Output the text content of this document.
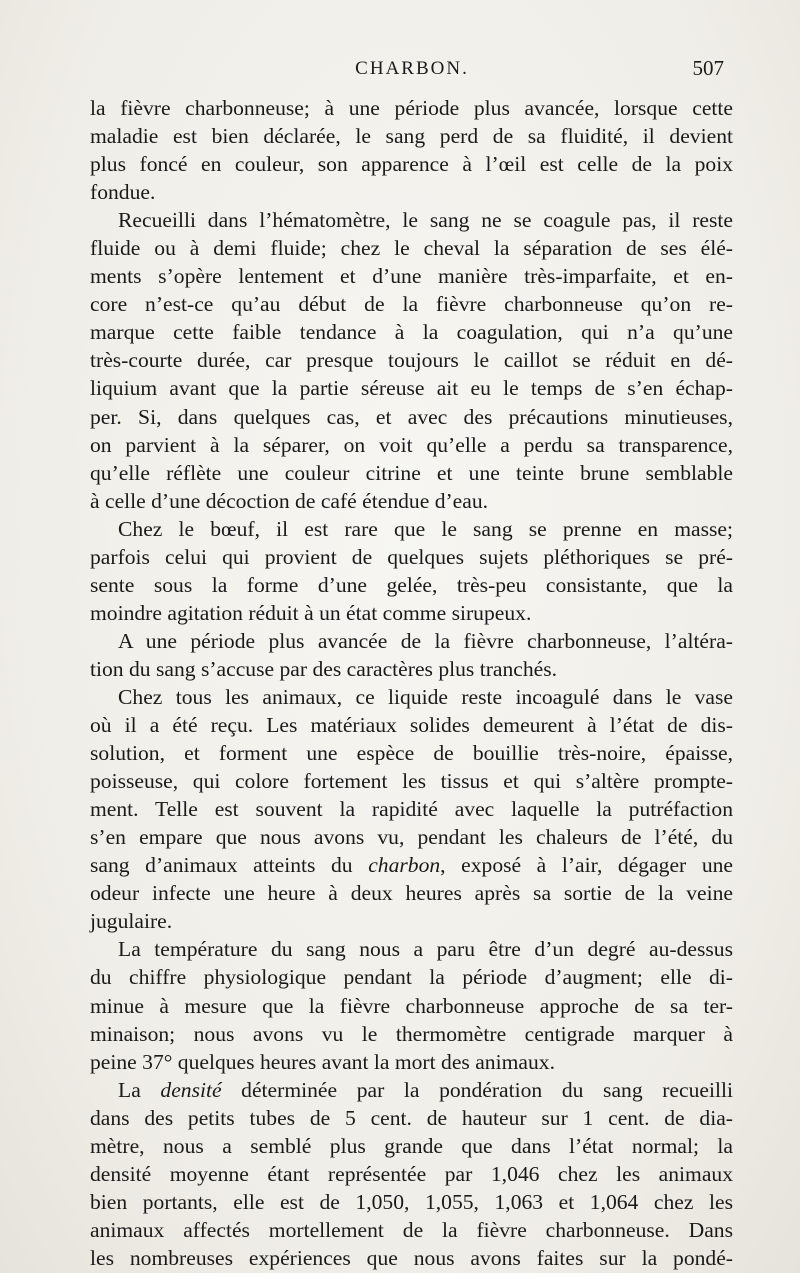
CHARBON.	507
la fièvre charbonneuse; à une période plus avancée, lorsque cette
maladie est bien déclarée, le sang perd de sa fluidité, il devient
plus foncé en couleur, son apparence à l’œil est celle de la poix
fondue.
Recueilli dans l’hématomètre, le sang ne se coagule pas, il reste
fluide ou à demi fluide; chez le cheval la séparation de ses élé-
ments s’opère lentement et d’une manière très-imparfaite, et en-
core n’est-ce qu’au début de la fièvre charbonneuse qu’on re-
marque cette faible tendance à la coagulation, qui n’a qu’une
très-courte durée, car presque toujours le caillot se réduit en dé-
liquium avant que la partie séreuse ait eu le temps de s’en échap-
per. Si, dans quelques cas, et avec des précautions minutieuses,
on parvient à la séparer, on voit qu’elle a perdu sa transparence,
qu’elle réflète une couleur citrine et une teinte brune semblable
à celle d’une décoction de café étendue d’eau.
Chez le bœuf, il est rare que le sang se prenne en masse;
parfois celui qui provient de quelques sujets pléthoriques se pré-
sente sous la forme d’une gelée, très-peu consistante, que la
moindre agitation réduit à un état comme sirupeux.
A une période plus avancée de la fièvre charbonneuse, l’altéra-
tion du sang s’accuse par des caractères plus tranchés.
Chez tous les animaux, ce liquide reste incoagulé dans le vase
où il a été reçu. Les matériaux solides demeurent à l’état de dis-
solution, et forment une espèce de bouillie très-noire, épaisse,
poisseuse, qui colore fortement les tissus et qui s’altère prompte-
ment. Telle est souvent la rapidité avec laquelle la putréfaction
s’en empare que nous avons vu, pendant les chaleurs de l’été, du
sang d’animaux atteints du charbon, exposé à l’air, dégager une
odeur infecte une heure à deux heures après sa sortie de la veine
jugulaire.
La température du sang nous a paru être d’un degré au-dessus
du chiffre physiologique pendant la période d’augment; elle di-
minue à mesure que la fièvre charbonneuse approche de sa ter-
minaison; nous avons vu le thermomètre centigrade marquer à
peine 37° quelques heures avant la mort des animaux.
La densité déterminée par la pondération du sang recueilli
dans des petits tubes de 5 cent. de hauteur sur 1 cent. de dia-
mètre, nous a semblé plus grande que dans l’état normal; la
densité moyenne étant représentée par 1,046 chez les animaux
bien portants, elle est de 1,050, 1,055, 1,063 et 1,064 chez les
animaux affectés mortellement de la fièvre charbonneuse. Dans
les nombreuses expériences que nous avons faites sur la pondé-
